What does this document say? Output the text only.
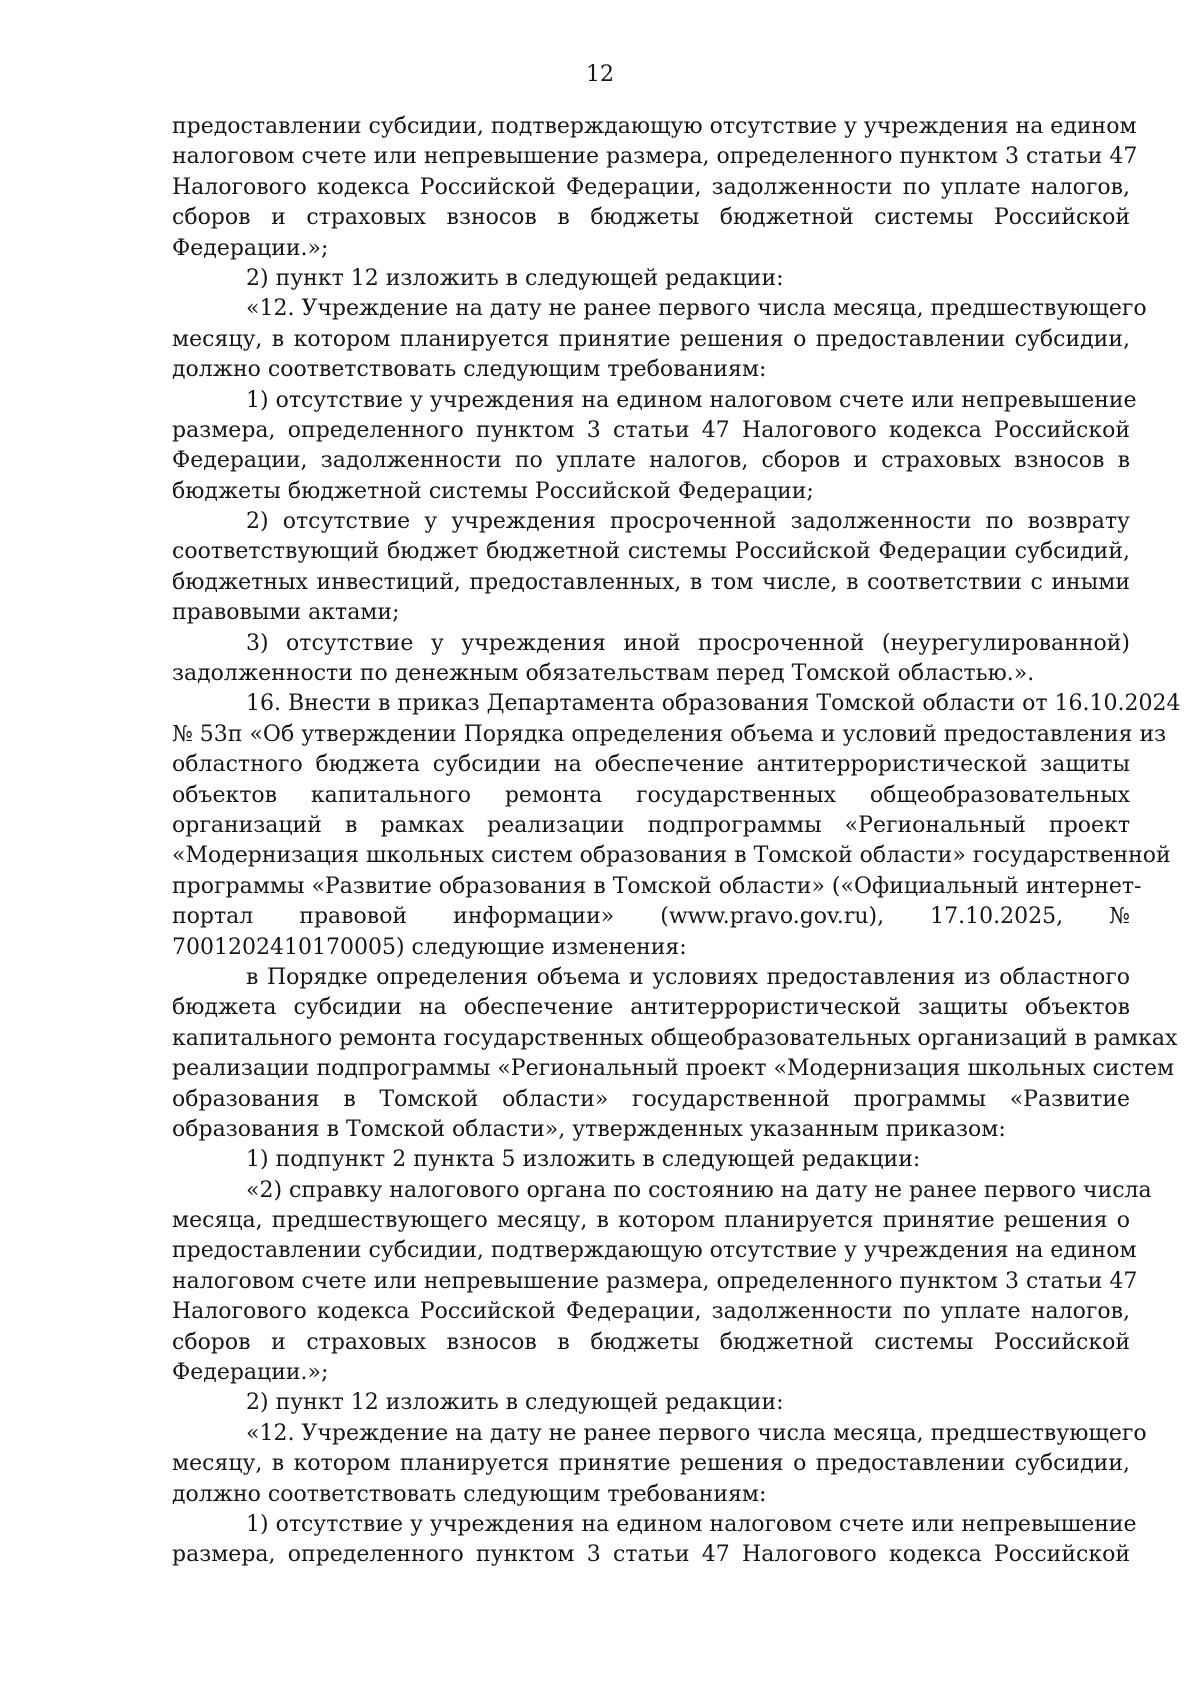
12
предоставлении субсидии, подтверждающую отсутствие у учреждения на едином
налоговом счете или непревышение размера, определенного пунктом 3 статьи 47
Налогового кодекса Российской Федерации, задолженности по уплате налогов,
сборов и страховых взносов в бюджеты бюджетной системы Российской
Федерации.»;
2) пункт 12 изложить в следующей редакции:
«12. Учреждение на дату не ранее первого числа месяца, предшествующего
месяцу, в котором планируется принятие решения о предоставлении субсидии,
должно соответствовать следующим требованиям:
1) отсутствие у учреждения на едином налоговом счете или непревышение
размера, определенного пунктом 3 статьи 47 Налогового кодекса Российской
Федерации, задолженности по уплате налогов, сборов и страховых взносов в
бюджеты бюджетной системы Российской Федерации;
2) отсутствие у учреждения просроченной задолженности по возврату
соответствующий бюджет бюджетной системы Российской Федерации субсидий,
бюджетных инвестиций, предоставленных, в том числе, в соответствии с иными
правовыми актами;
3) отсутствие у учреждения иной просроченной (неурегулированной)
задолженности по денежным обязательствам перед Томской областью.».
16. Внести в приказ Департамента образования Томской области от 16.10.2024
№ 53п «Об утверждении Порядка определения объема и условий предоставления из
областного бюджета субсидии на обеспечение антитеррористической защиты
объектов капитального ремонта государственных общеобразовательных
организаций в рамках реализации подпрограммы «Региональный проект
«Модернизация школьных систем образования в Томской области» государственной
программы «Развитие образования в Томской области» («Официальный интернет-
портал правовой информации» (www.pravo.gov.ru), 17.10.2025, №
7001202410170005) следующие изменения:
в Порядке определения объема и условиях предоставления из областного
бюджета субсидии на обеспечение антитеррористической защиты объектов
капитального ремонта государственных общеобразовательных организаций в рамках
реализации подпрограммы «Региональный проект «Модернизация школьных систем
образования в Томской области» государственной программы «Развитие
образования в Томской области», утвержденных указанным приказом:
1) подпункт 2 пункта 5 изложить в следующей редакции:
«2) справку налогового органа по состоянию на дату не ранее первого числа
месяца, предшествующего месяцу, в котором планируется принятие решения о
предоставлении субсидии, подтверждающую отсутствие у учреждения на едином
налоговом счете или непревышение размера, определенного пунктом 3 статьи 47
Налогового кодекса Российской Федерации, задолженности по уплате налогов,
сборов и страховых взносов в бюджеты бюджетной системы Российской
Федерации.»;
2) пункт 12 изложить в следующей редакции:
«12. Учреждение на дату не ранее первого числа месяца, предшествующего
месяцу, в котором планируется принятие решения о предоставлении субсидии,
должно соответствовать следующим требованиям:
1) отсутствие у учреждения на едином налоговом счете или непревышение
размера, определенного пунктом 3 статьи 47 Налогового кодекса Российской
